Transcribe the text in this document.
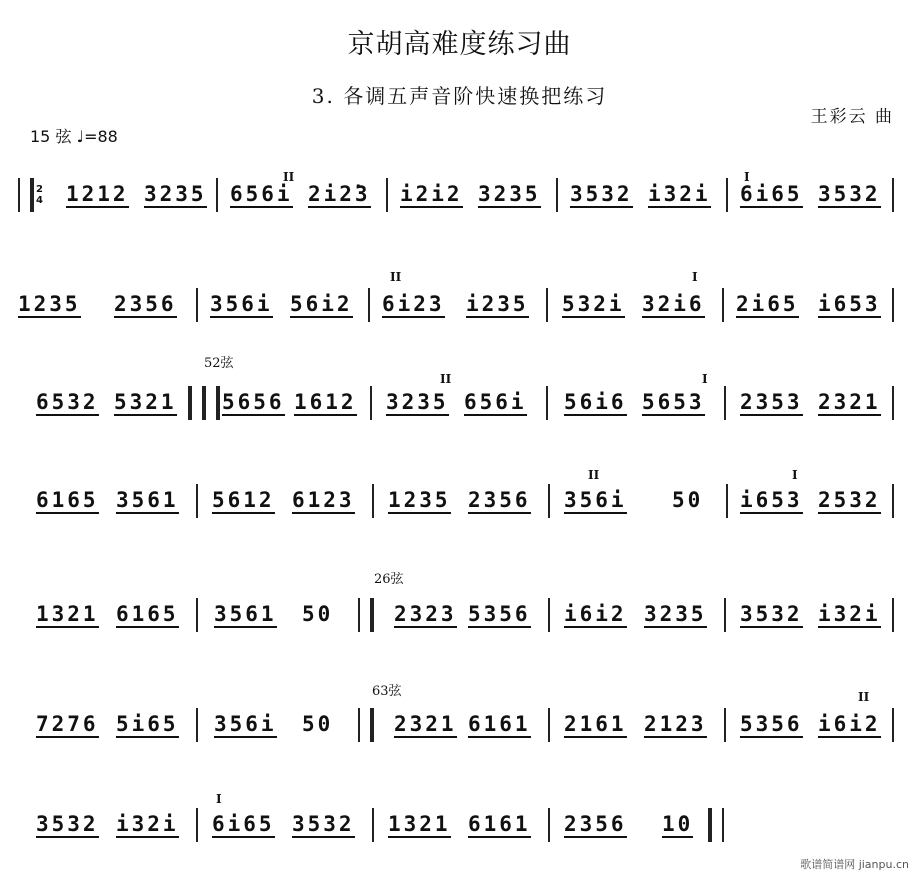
京胡高难度练习曲
3. 各调五声音阶快速换把练习
王彩云 曲
15 弦 ♩=88
2
4 1212 3235
II
656i 2i2̇3 i2i2 3235 3532 i32i
I
6i65 3532
1235 2356 356i 56i2
II
6i23 i235
I
532i 32i6 2i65 i653
6532 5321
52弦
5656 1612
II
3235 656i
I
56i6 5653 2353 2321
6165 3561 5612 6123 1235 2356
II
356i 50
I
i653 2532
1321 6165 3561 50
26弦
2323 5356 i6i2 3235 3532 i32i
7276 5i65 356i 50
63弦
2321 6161 2161 2123
II
5356 i6i2
3532 i32i
I
6i65 3532 1321 6161 2356 10
歌谱简谱网 jianpu.cn
